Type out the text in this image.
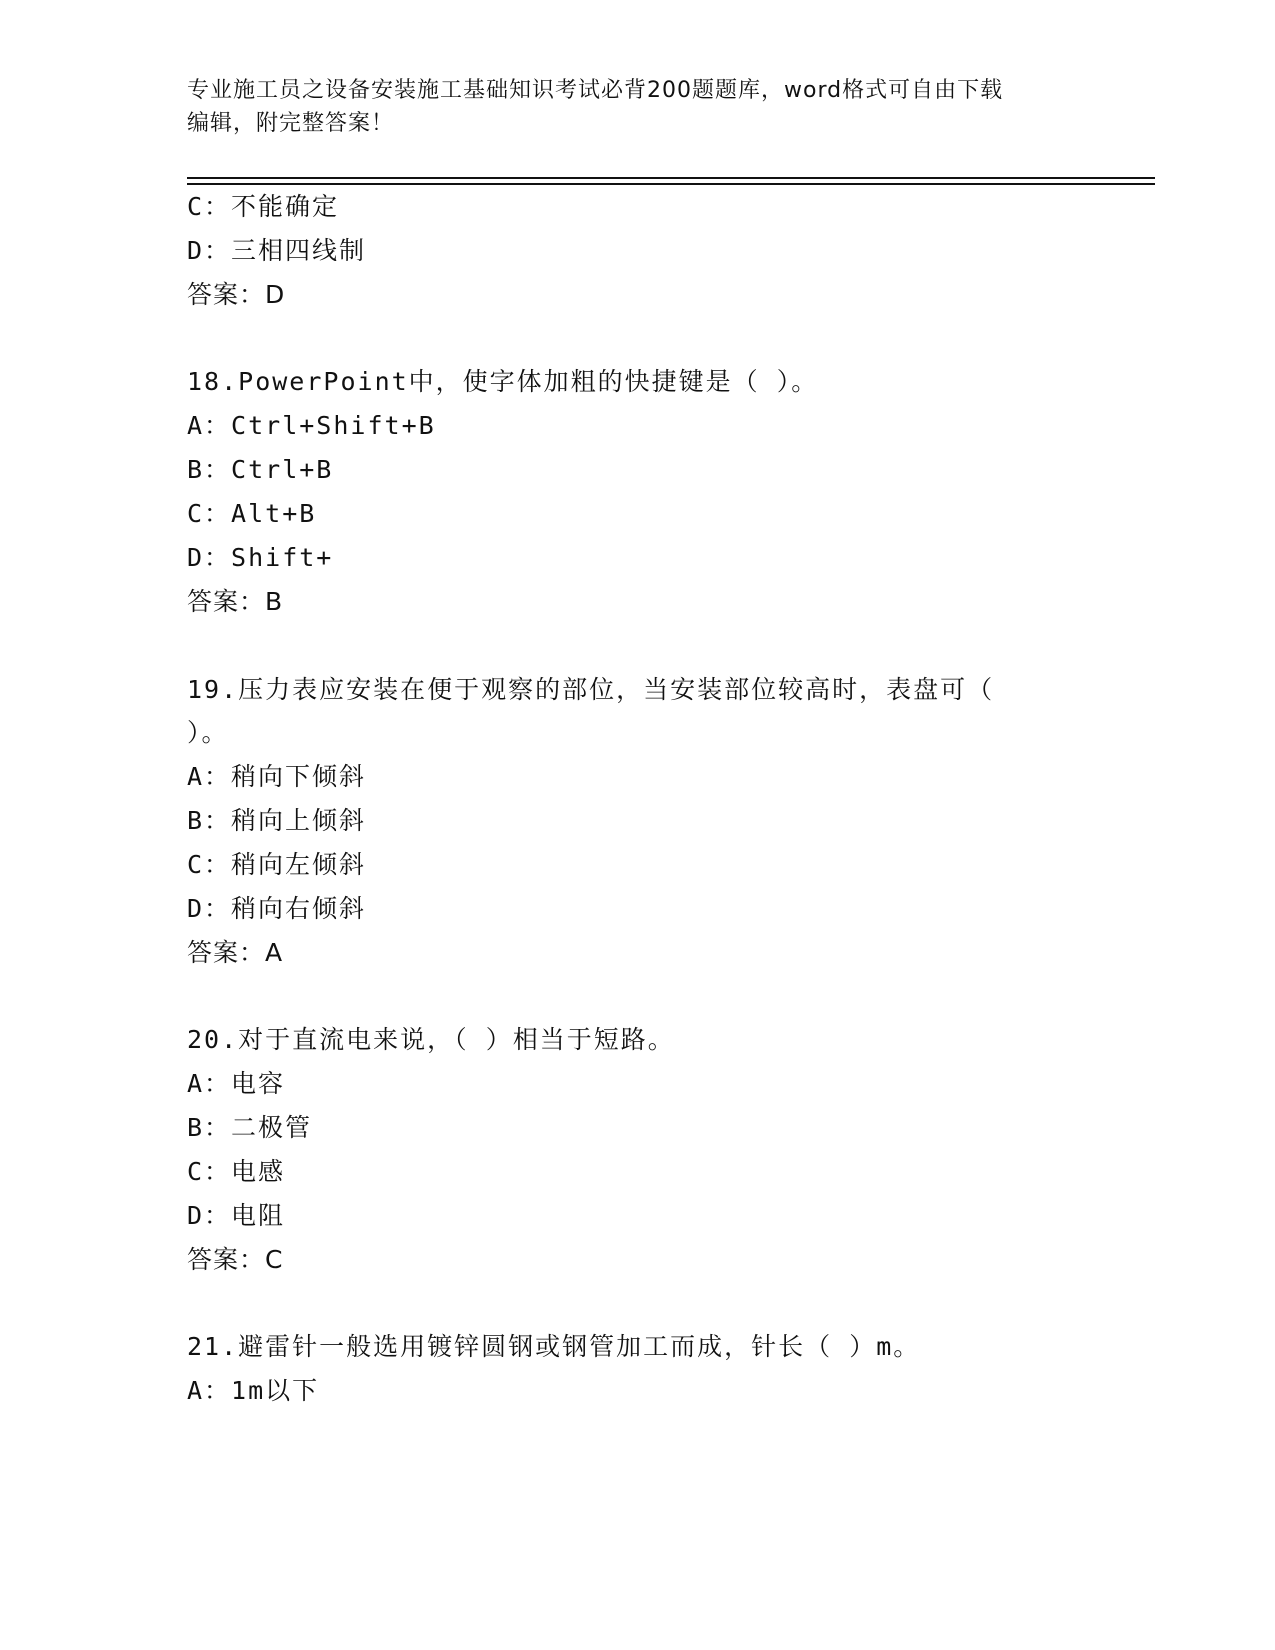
专业施工员之设备安装施工基础知识考试必背200题题库，word格式可自由下载
编辑，附完整答案！
C：不能确定
D：三相四线制
答案：D
18.PowerPoint中，使字体加粗的快捷键是（ ）。
A：Ctrl+Shift+B
B：Ctrl+B
C：Alt+B
D：Shift+
答案：B
19.压力表应安装在便于观察的部位，当安装部位较高时，表盘可（
）。
A：稍向下倾斜
B：稍向上倾斜
C：稍向左倾斜
D：稍向右倾斜
答案：A
20.对于直流电来说，（ ）相当于短路。
A：电容
B：二极管
C：电感
D：电阻
答案：C
21.避雷针一般选用镀锌圆钢或钢管加工而成，针长（ ）m。
A：1m以下
